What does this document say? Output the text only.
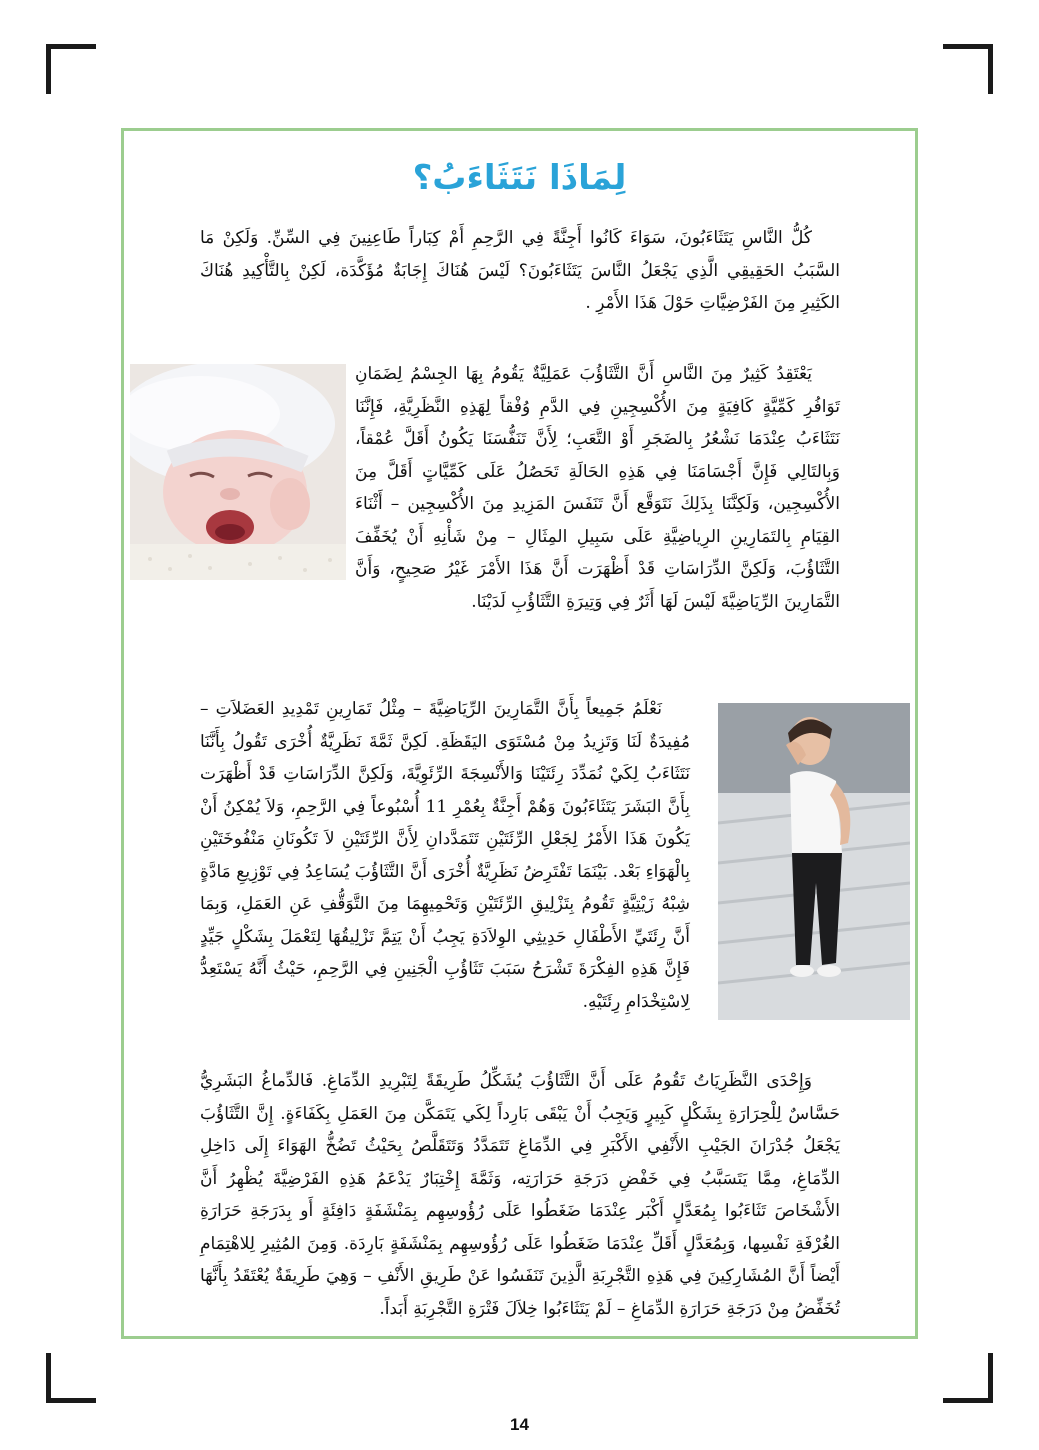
لِمَاذَا نَتَثَاءَبُ؟

كُلُّ النَّاسِ يَتَثَاءَبُونَ، سَوَاءَ كَانُوا أَجِنَّةً فِي الرَّحِمِ أَمْ كِبَاراً طَاعِنِينَ فِي السِّنِّ. وَلَكِنْ مَا السَّبَبُ الحَقِيقِي الَّذِي يَجْعَلُ النَّاسَ يَتَثَاءَبُونَ؟ لَيْسَ هُنَاكَ إِجَابَةٌ مُؤَكَّدَة، لَكِنْ بِالتَّأْكِيدِ هُنَاكَ الكَثِيرِ مِنَ الفَرْضِيَّاتِ حَوْلَ هَذَا الأَمْرِ .

يَعْتَقِدُ كَثِيرٌ مِنَ النَّاسِ أَنَّ التَّثَاؤُبَ عَمَلِيَّةٌ يَقُومُ بِهَا الجِسْمُ لِضَمَانِ تَوَافُرِ كَمِّيَّةٍ كَافِيَةٍ مِنَ الأُكْسِجِينِ فِي الدَّمِ وُفْقاً لِهَذِهِ النَّظَرِيَّةِ، فَإِنَّنَا نَتَثَاءَبُ عِنْدَمَا نَشْعُرُ بِالضَجَرِ أَوْ التَّعَبِ؛ لِأَنَّ تَنَفُّسَنَا يَكُونُ أَقَلَّ عُمْقاً، وَبِالتَالِي فَإِنَّ أَجْسَامَنَا فِي هَذِهِ الحَالَةِ تَحَصُلُ عَلَى كَمِّيَّاتٍ أَقَلَّ مِنَ الأُكْسِجِين، وَلَكِنَّنَا بِذَلِكَ نَتَوَقَّع أَنَّ تَنَفَسَ المَزِيدِ مِنَ الأُكْسِجِين – أَثْنَاءَ القِيَامِ بِالتَمَارِينِ الرِياضِيَّةِ عَلَى سَبِيلِ المِثَالِ – مِنْ شَأْنِهِ أَنْ يُخَفِّفَ التَّثَاؤُبَ، وَلَكِنَّ الدِّرَاسَاتِ قَدْ أَظْهَرَت أَنَّ هَذَا الأَمْرَ غَيْرُ صَحِيحٍ، وَأَنَّ التَّمَارِينَ الرِّيَاضِيَّةَ لَيْسَ لَهَا أَثَرٌ فِي وَتِيرَةِ التَّثَاؤُبِ لَدَيْنَا.

نَعْلَمُ جَمِيعاً بِأَنَّ التَّمَارِينَ الرِّيَاضِيَّةَ – مِثْلُ تَمَارِينِ تَمْدِيدِ العَضَلاَتِ – مُفِيدَةٌ لَنَا وَتَزِيدُ مِنْ مُسْتَوَى اليَقَظَةِ. لَكِنَّ ثَمَّةَ نَظَرِيَّةٌ أُخْرَى تَقُولُ بِأَنَّنَا نَتَثَاءَبُ لِكَيْ نُمَدِّدَ رِئَتَيْنَا وَالأَنْسِجَةَ الرِّئَوِيَّةَ، وَلَكِنَّ الدِّرَاسَاتِ قَدْ أَظْهَرَت بِأَنَّ البَشَرَ يَتَثَاءَبُونَ وَهُمْ أَجِنَّةٌ بِعُمْرِ 11 أُسْبُوعاً فِي الرَّحِمِ، وَلاَ يُمْكِنُ أَنْ يَكُونَ هَذَا الأَمْرُ لِجَعْلِ الرِّئَتَيْنِ تَتَمَدَّدانِ لِأَنَّ الرِّئَتَيْنِ لاَ تَكُونَانِ مَنْفُوخَتَيْنِ بِالْهَوَاءِ بَعْد. بَيْنَمَا تَفْتَرِضُ نَظَرِيَّةٌ أُخْرَى أَنَّ التَّثَاؤُبَ يُسَاعِدُ فِي تَوْزِيعِ مَادَّةٍ شِبْهُ زَيْتِيَّةٍ تَقُومُ بِتَزْلِيقِ الرِّئَتَيْنِ وَتَحْمِيهِمَا مِنَ التَّوَقُّفِ عَنِ العَمَلِ، وَبِمَا أَنَّ رِئَتَيِّ الأَطْفَالِ حَدِيثِي الوِلاَدَةِ يَجِبُ أَنْ يَتِمَّ تَزْلِيقُهَا لِتَعْمَلَ بِشَكْلٍ جَيِّدٍ فَإِنَّ هَذِهِ الفِكْرَةَ تَشْرَحُ سَبَبَ تَثَاؤُبِ الْجَنِينِ فِي الرَّحِمِ، حَيْثُ أَنَّهُ يَسْتَعِدُّ لِاسْتِخْدَامِ رِئَتَيْهِ.

وَإِحْدَى النَّظَرِيَاتُ تَقُومُ عَلَى أَنَّ التَّثَاؤُبَ يُشَكِّلُ طَرِيقَةً لِتَبْرِيدِ الدِّمَاغِ. فَالدِّماغُ البَشَرِيُّ حَسَّاسٌ لِلْحِرَارَةِ بِشَكْلٍ كَبِيرٍ وَيَجِبُ أَنْ يَبْقَى بَارِداً لِكَي يَتَمَكَّن مِنَ العَمَلِ بِكَفَاءَةٍ. إِنَّ التَّثَاؤُبَ يَجْعَلُ جُدْرَانَ الجَيْبِ الأَنْفِي الأَكْبَرِ فِي الدِّمَاغِ تَتَمَدَّدُ وَتَتَقَلَّصُ بِحَيْثُ تَضُخُّ الهَوَاءَ إِلَى دَاخِلِ الدِّمَاغِ، مِمَّا يَتَسَبَّبُ فِي خَفْضِ دَرَجَةِ حَرَارَتِه، وَثَمَّةَ إِخْتِبَارٌ يَدْعَمُ هَذِهِ الفَرْضِيَّةَ يُظْهِرُ أَنَّ الأَشْخَاصَ تَثَاءَبُوا بِمُعَدَّلٍ أَكْبَر عِنْدَمَا ضَغَطُوا عَلَى رُؤُوسِهِم بِمَنْشَفَةٍ دَافِئَةٍ أَو بِدَرَجَةِ حَرَارَةِ الغُرْفَةِ نَفْسِها، وَبِمُعَدَّلٍ أَقَلِّ عِنْدَمَا ضَغَطُوا عَلَى رُؤُوسِهِم بِمَنْشَفَةٍ بَارِدَة. وَمِنَ المُثِيرِ لِلاهْتِمَامِ أَيْضاً أَنَّ المُشَارِكِينَ فِي هَذِهِ التَّجْرِبَةِ الَّذِينَ تَنَفَسُوا عَنْ طَرِيقِ الأَنْفِ – وَهِيَ طَرِيقَةٌ يُعْتَقَدُ بِأَنَّهَا تُخَفِّضُ مِنْ دَرَجَةِ حَرَارَةِ الدِّمَاغِ – لَمْ يَتَثَاءَبُوا خِلاَلَ فَتْرَةِ التَّجْرِبَةِ أَبَداً.

14
